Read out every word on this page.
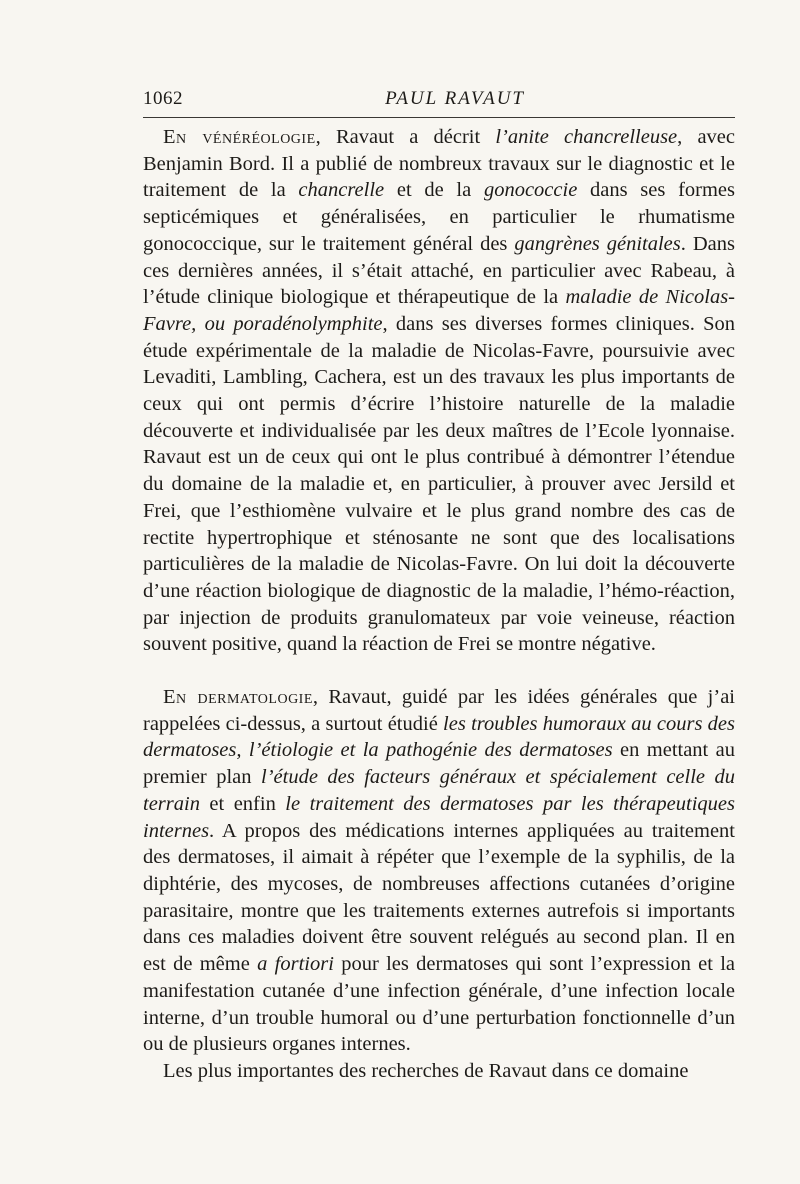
1062	PAUL RAVAUT

En vénéréologie, Ravaut a décrit l’anite chancrelleuse, avec Benjamin Bord. Il a publié de nombreux travaux sur le diagnostic et le traitement de la chancrelle et de la gonococcie dans ses formes septicémiques et généralisées, en particulier le rhumatisme gonococcique, sur le traitement général des gangrènes génitales. Dans ces dernières années, il s’était attaché, en particulier avec Rabeau, à l’étude clinique biologique et thérapeutique de la maladie de Nicolas-Favre, ou poradénolymphite, dans ses diverses formes cliniques. Son étude expérimentale de la maladie de Nicolas-Favre, poursuivie avec Levaditi, Lambling, Cachera, est un des travaux les plus importants de ceux qui ont permis d’écrire l’histoire naturelle de la maladie découverte et individualisée par les deux maîtres de l’Ecole lyonnaise. Ravaut est un de ceux qui ont le plus contribué à démontrer l’étendue du domaine de la maladie et, en particulier, à prouver avec Jersild et Frei, que l’esthiomène vulvaire et le plus grand nombre des cas de rectite hypertrophique et sténosante ne sont que des localisations particulières de la maladie de Nicolas-Favre. On lui doit la découverte d’une réaction biologique de diagnostic de la maladie, l’hémo-réaction, par injection de produits granulomateux par voie veineuse, réaction souvent positive, quand la réaction de Frei se montre négative.

En dermatologie, Ravaut, guidé par les idées générales que j’ai rappelées ci-dessus, a surtout étudié les troubles humoraux au cours des dermatoses, l’étiologie et la pathogénie des dermatoses en mettant au premier plan l’étude des facteurs généraux et spécialement celle du terrain et enfin le traitement des dermatoses par les thérapeutiques internes. A propos des médications internes appliquées au traitement des dermatoses, il aimait à répéter que l’exemple de la syphilis, de la diphtérie, des mycoses, de nombreuses affections cutanées d’origine parasitaire, montre que les traitements externes autrefois si importants dans ces maladies doivent être souvent relégués au second plan. Il en est de même a fortiori pour les dermatoses qui sont l’expression et la manifestation cutanée d’une infection générale, d’une infection locale interne, d’un trouble humoral ou d’une perturbation fonctionnelle d’un ou de plusieurs organes internes.

Les plus importantes des recherches de Ravaut dans ce domaine
